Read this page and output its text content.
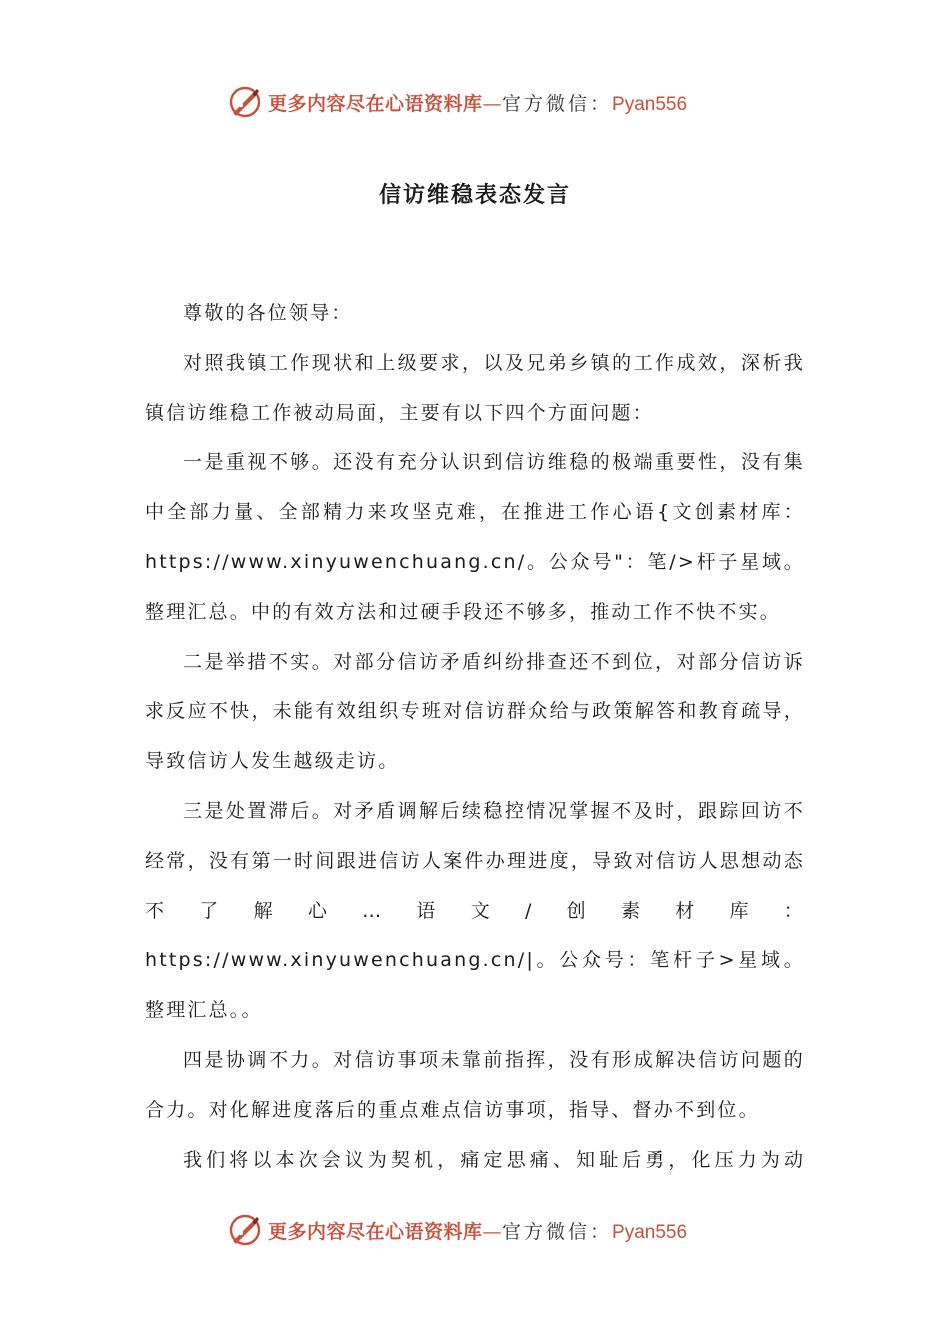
更多内容尽在心语资料库—官方微信：Pyan556
信访维稳表态发言

尊敬的各位领导：

对照我镇工作现状和上级要求，以及兄弟乡镇的工作成效，深析我镇信访维稳工作被动局面，主要有以下四个方面问题：

一是重视不够。还没有充分认识到信访维稳的极端重要性，没有集中全部力量、全部精力来攻坚克难，在推进工作心语{文创素材库：https://www.xinyuwenchuang.cn/。公众号"：笔/>杆子星域。整理汇总。中的有效方法和过硬手段还不够多，推动工作不快不实。

二是举措不实。对部分信访矛盾纠纷排查还不到位，对部分信访诉求反应不快，未能有效组织专班对信访群众给与政策解答和教育疏导，导致信访人发生越级走访。

三是处置滞后。对矛盾调解后续稳控情况掌握不及时，跟踪回访不经常，没有第一时间跟进信访人案件办理进度，导致对信访人思想动态不了解心…语文/创素材库：https://www.xinyuwenchuang.cn/|。公众号：笔杆子>星域。整理汇总。。

四是协调不力。对信访事项未靠前指挥，没有形成解决信访问题的合力。对化解进度落后的重点难点信访事项，指导、督办不到位。

我们将以本次会议为契机，痛定思痛、知耻后勇，化压力为动

更多内容尽在心语资料库—官方微信：Pyan556
